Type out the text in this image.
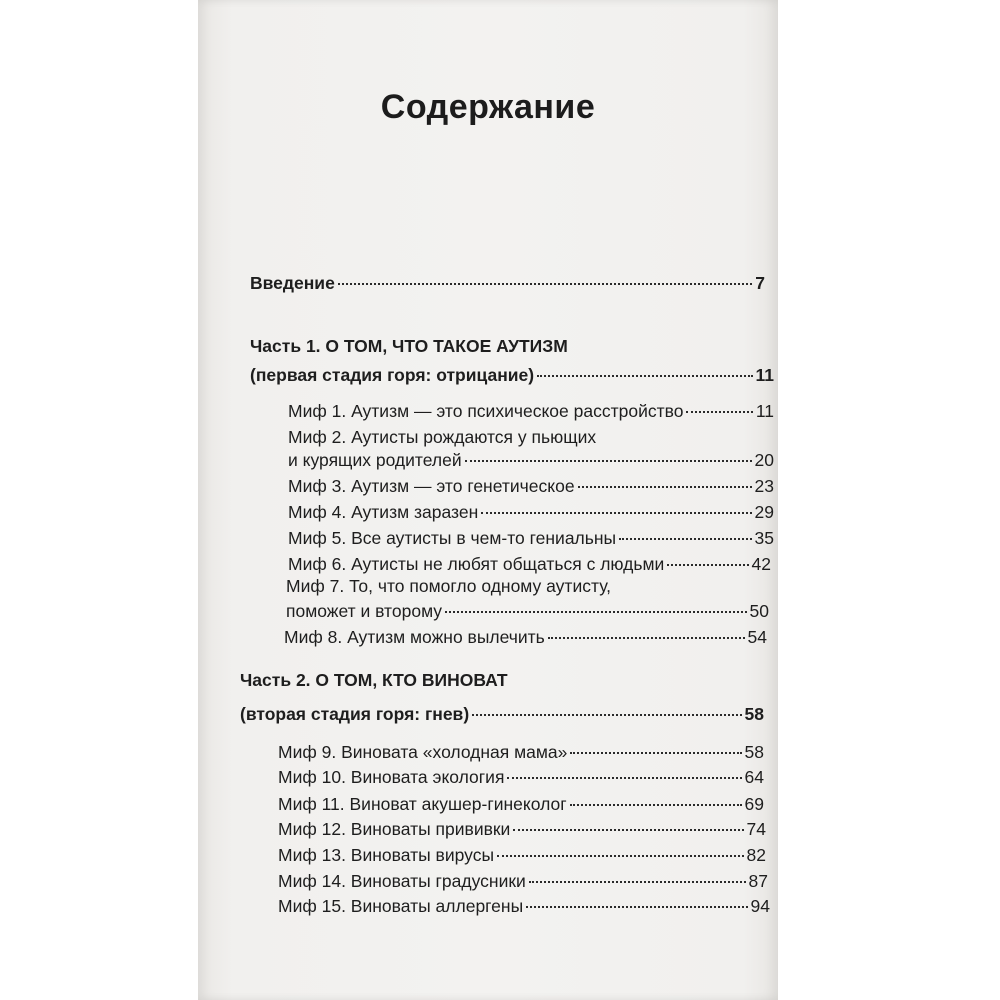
Содержание
Введение	7
Часть 1. О ТОМ, ЧТО ТАКОЕ АУТИЗМ
(первая стадия горя: отрицание)	11
Миф 1. Аутизм — это психическое расстройство	11
Миф 2. Аутисты рождаются у пьющих
и курящих родителей	20
Миф 3. Аутизм — это генетическое	23
Миф 4. Аутизм заразен	29
Миф 5. Все аутисты в чем-то гениальны	35
Миф 6. Аутисты не любят общаться с людьми	42
Миф 7. То, что помогло одному аутисту,
поможет и второму	50
Миф 8. Аутизм можно вылечить	54
Часть 2. О ТОМ, КТО ВИНОВАТ
(вторая стадия горя: гнев)	58
Миф 9. Виновата «холодная мама»	58
Миф 10. Виновата экология	64
Миф 11. Виноват акушер-гинеколог	69
Миф 12. Виноваты прививки	74
Миф 13. Виноваты вирусы	82
Миф 14. Виноваты градусники	87
Миф 15. Виноваты аллергены	94
